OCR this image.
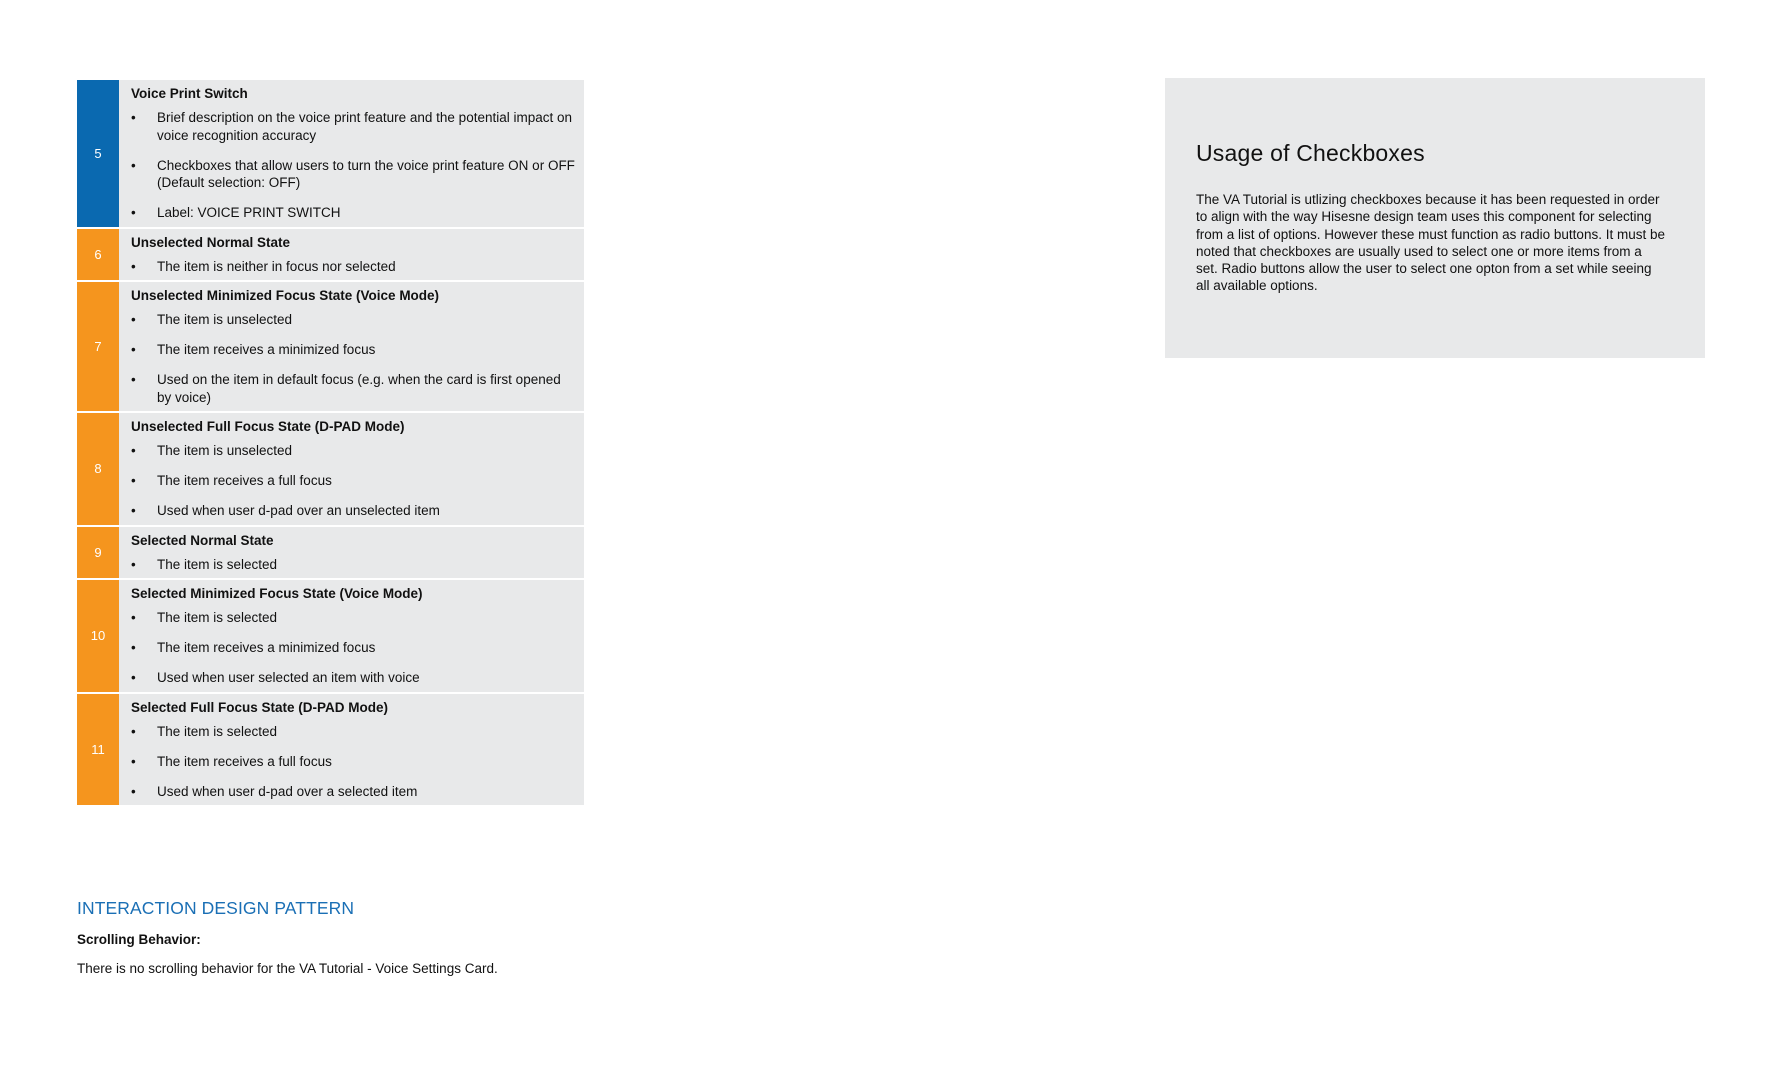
5
Voice Print Switch
• Brief description on the voice print feature and the potential impact on voice recognition accuracy
• Checkboxes that allow users to turn the voice print feature ON or OFF (Default selection: OFF)
• Label: VOICE PRINT SWITCH
6
Unselected Normal State
• The item is neither in focus nor selected
7
Unselected Minimized Focus State (Voice Mode)
• The item is unselected
• The item receives a minimized focus
• Used on the item in default focus (e.g. when the card is first opened by voice)
8
Unselected Full Focus State (D-PAD Mode)
• The item is unselected
• The item receives a full focus
• Used when user d-pad over an unselected item
9
Selected Normal State
• The item is selected
10
Selected Minimized Focus State (Voice Mode)
• The item is selected
• The item receives a minimized focus
• Used when user selected an item with voice
11
Selected Full Focus State (D-PAD Mode)
• The item is selected
• The item receives a full focus
• Used when user d-pad over a selected item
Usage of Checkboxes

The VA Tutorial is utlizing checkboxes because it has been requested in order to align with the way Hisesne design team uses this component for selecting from a list of options. However these must function as radio buttons. It must be noted that checkboxes are usually used to select one or more items from a set. Radio buttons allow the user to select one opton from a set while seeing all available options.

INTERACTION DESIGN PATTERN

Scrolling Behavior:

There is no scrolling behavior for the VA Tutorial - Voice Settings Card.
